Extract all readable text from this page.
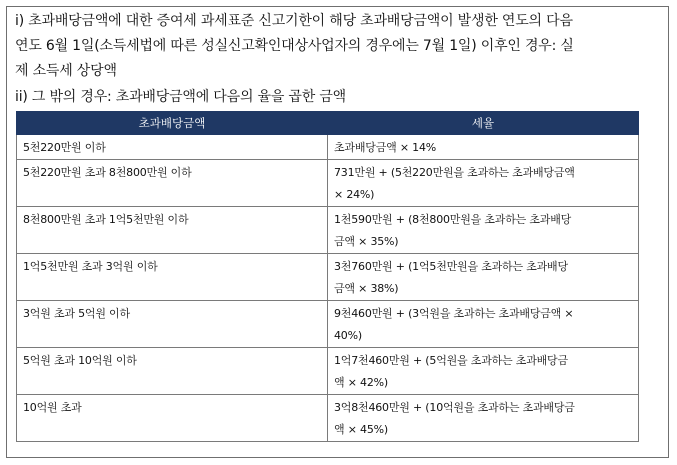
i) 초과배당금액에 대한 증여세 과세표준 신고기한이 해당 초과배당금액이 발생한 연도의 다음
연도 6월 1일(소득세법에 따른 성실신고확인대상사업자의 경우에는 7월 1일) 이후인 경우: 실
제 소득세 상당액
ii) 그 밖의 경우: 초과배당금액에 다음의 율을 곱한 금액
초과배당금액	세율
5천220만원 이하	초과배당금액 × 14%

5천220만원 초과 8천800만원 이하	731만원 + (5천220만원을 초과하는 초과배당금액
× 24%)

8천800만원 초과 1억5천만원 이하	1천590만원 + (8천800만원을 초과하는 초과배당
금액 × 35%)

1억5천만원 초과 3억원 이하	3천760만원 + (1억5천만원을 초과하는 초과배당
금액 × 38%)

3억원 초과 5억원 이하	9천460만원 + (3억원을 초과하는 초과배당금액 ×
40%)

5억원 초과 10억원 이하	1억7천460만원 + (5억원을 초과하는 초과배당금
액 × 42%)

10억원 초과	3억8천460만원 + (10억원을 초과하는 초과배당금
액 × 45%)
